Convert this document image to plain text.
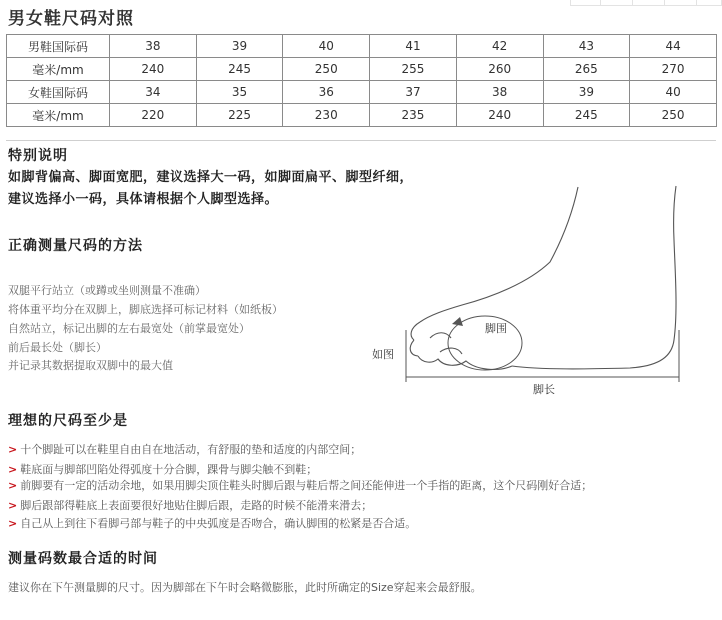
男女鞋尺码对照
男鞋国际码	38	39	40	41	42	43	44
毫米/mm	240	245	250	255	260	265	270
女鞋国际码	34	35	36	37	38	39	40
毫米/mm	220	225	230	235	240	245	250
特别说明
如脚背偏高、脚面宽肥，建议选择大一码，如脚面扁平、脚型纤细，
建议选择小一码，具体请根据个人脚型选择。
正确测量尺码的方法
双腿平行站立（或蹲或坐则测量不准确）
将体重平均分在双脚上，脚底选择可标记材料（如纸板）
自然站立，标记出脚的左右最宽处（前掌最宽处）
前后最长处（脚长）
并记录其数据提取双脚中的最大值
脚围
脚长
如图
理想的尺码至少是
> 十个脚趾可以在鞋里自由自在地活动，有舒服的垫和适度的内部空间；
> 鞋底面与脚部凹陷处得弧度十分合脚，踝骨与脚尖触不到鞋；
> 前脚要有一定的活动余地，如果用脚尖顶住鞋头时脚后跟与鞋后帮之间还能伸进一个手指的距离，这个尺码刚好合适；
> 脚后跟部得鞋底上表面要很好地贴住脚后跟，走路的时候不能滑来滑去；
> 自己从上到往下看脚弓部与鞋子的中央弧度是否吻合，确认脚围的松紧是否合适。
测量码数最合适的时间
建议你在下午测量脚的尺寸。因为脚部在下午时会略微膨胀，此时所确定的Size穿起来会最舒服。
